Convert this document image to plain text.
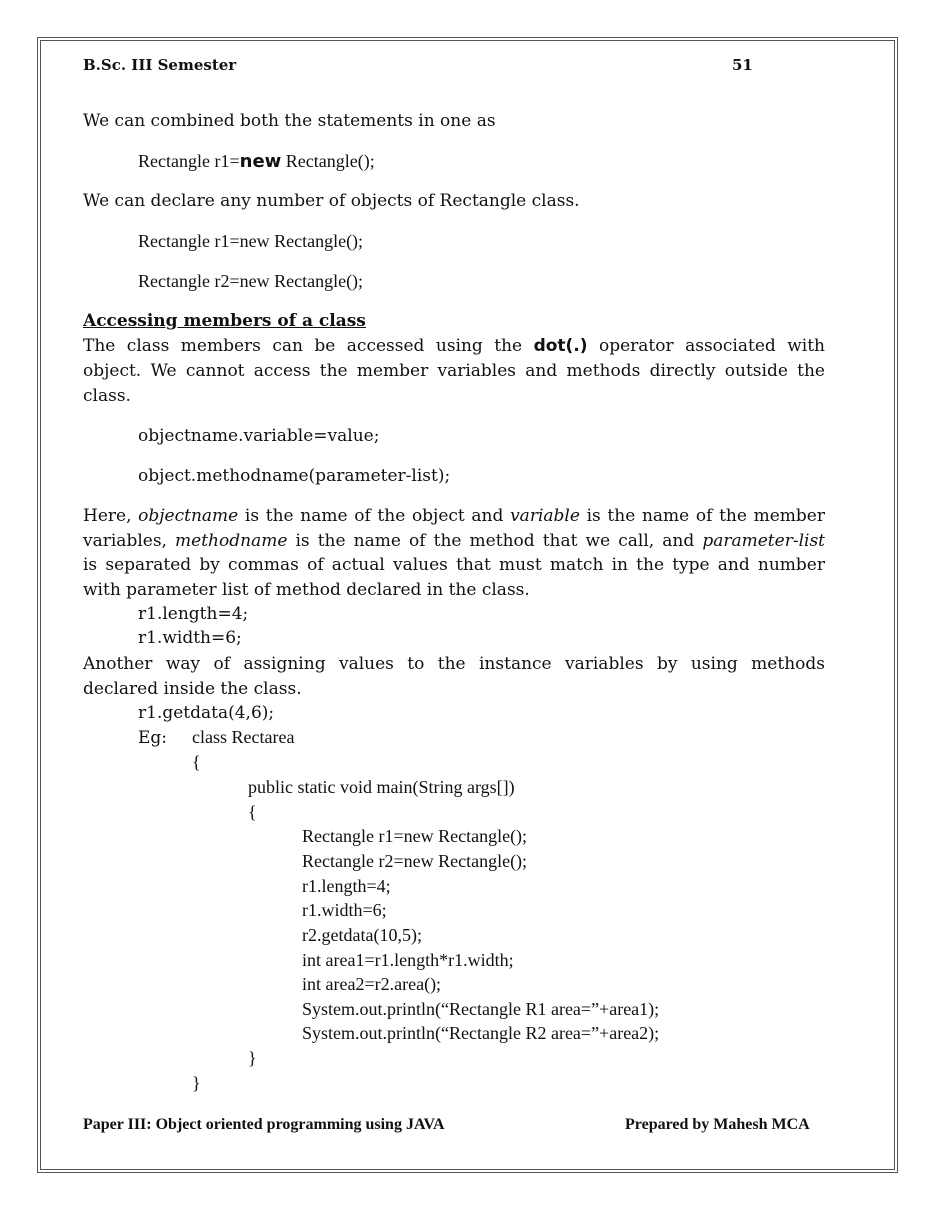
B.Sc. III Semester	51
We can combined both the statements in one as
Rectangle r1=new Rectangle();
We can declare any number of objects of Rectangle class.
Rectangle r1=new Rectangle();
Rectangle r2=new Rectangle();
Accessing members of a class
The class members can be accessed using the dot(.) operator associated with
object. We cannot access the member variables and methods directly outside the
class.
objectname.variable=value;
object.methodname(parameter-list);
Here, objectname is the name of the object and variable is the name of the member
variables, methodname is the name of the method that we call, and parameter-list
is separated by commas of actual values that must match in the type and number
with parameter list of method declared in the class.
r1.length=4;
r1.width=6;
Another way of assigning values to the instance variables by using methods
declared inside the class.
r1.getdata(4,6);
Eg: class Rectarea
{
public static void main(String args[])
{
Rectangle r1=new Rectangle();
Rectangle r2=new Rectangle();
r1.length=4;
r1.width=6;
r2.getdata(10,5);
int area1=r1.length*r1.width;
int area2=r2.area();
System.out.println(“Rectangle R1 area=”+area1);
System.out.println(“Rectangle R2 area=”+area2);
}
}
Paper III: Object oriented programming using JAVA	Prepared by Mahesh MCA
